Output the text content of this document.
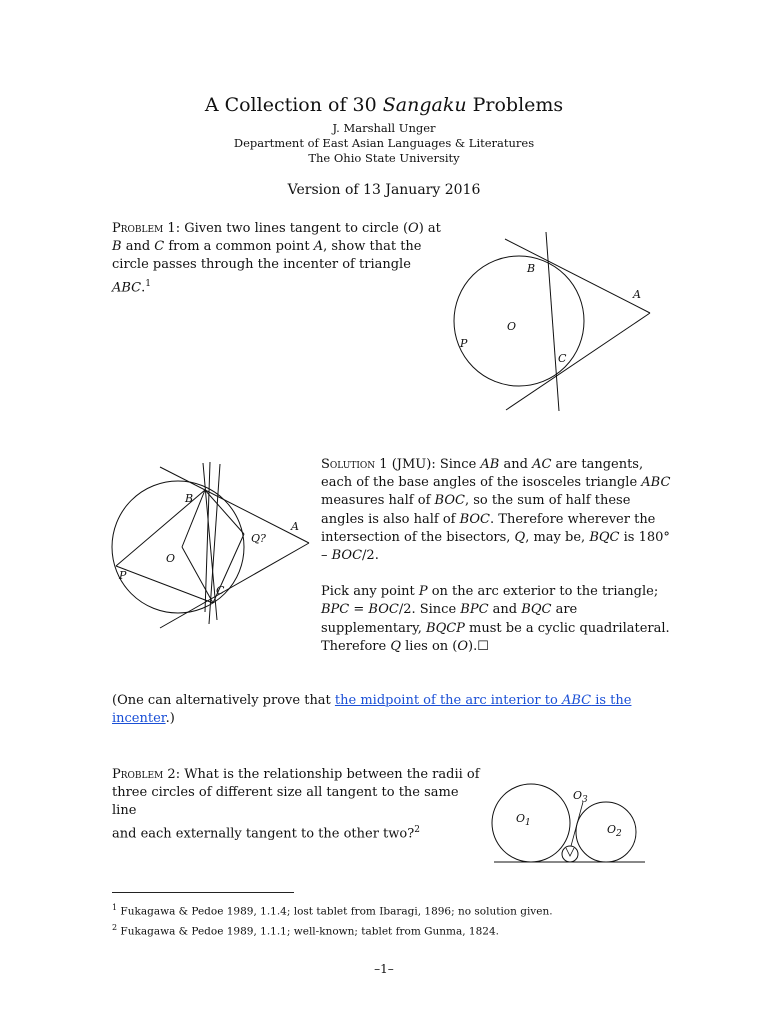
A Collection of 30 Sangaku Problems
J. Marshall Unger
Department of East Asian Languages & Literatures
The Ohio State University
Version of 13 January 2016
Problem 1: Given two lines tangent to circle (O) at
B and C from a common point A, show that the
circle passes through the incenter of triangle ABC.$^1$
B
A
O
P
C
B
A
O
P
C
Q?
Solution 1 (JMU): Since AB and AC are tangents,
each of the base angles of the isosceles triangle ABC
measures half of BOC, so the sum of half these
angles is also half of BOC. Therefore wherever the
intersection of the bisectors, Q, may be, BQC is 180°
– BOC/2.
Pick any point P on the arc exterior to the triangle;
BPC = BOC/2. Since BPC and BQC are
supplementary, BQCP must be a cyclic quadrilateral.
Therefore Q lies on (O).☐
(One can alternatively prove that the midpoint of the arc interior to ABC is the
incenter.)
Problem 2: What is the relationship between the radii of
three circles of different size all tangent to the same line
and each externally tangent to the other two?$^2$
$O_1$	$O_2$
$O_3$
$^1$ Fukagawa & Pedoe 1989, 1.1.4; lost tablet from Ibaragi, 1896; no solution given.
$^2$ Fukagawa & Pedoe 1989, 1.1.1; well-known; tablet from Gunma, 1824.
–1–
